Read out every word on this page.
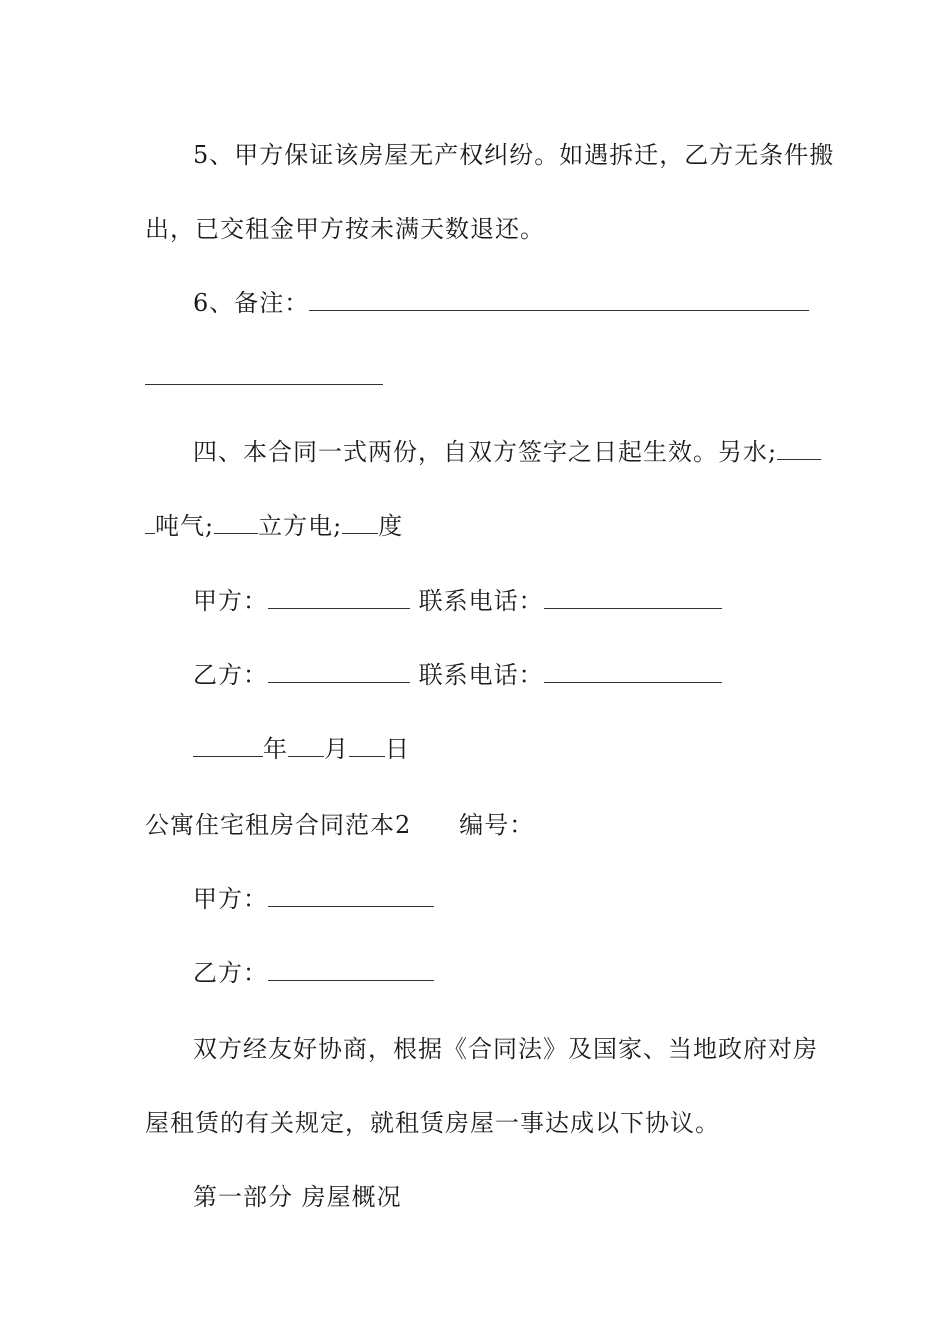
5、甲方保证该房屋无产权纠纷。如遇拆迁，乙方无条件搬
出，已交租金甲方按未满天数退还。
6、备注：
四、本合同一式两份，自双方签字之日起生效。另水;
吨气; 立方电; 度
甲方：	联系电话：
乙方：	联系电话：
年 月 日
公寓住宅租房合同范本2 编号：
甲方：
乙方：
双方经友好协商，根据《合同法》及国家、当地政府对房
屋租赁的有关规定，就租赁房屋一事达成以下协议。
第一部分 房屋概况
